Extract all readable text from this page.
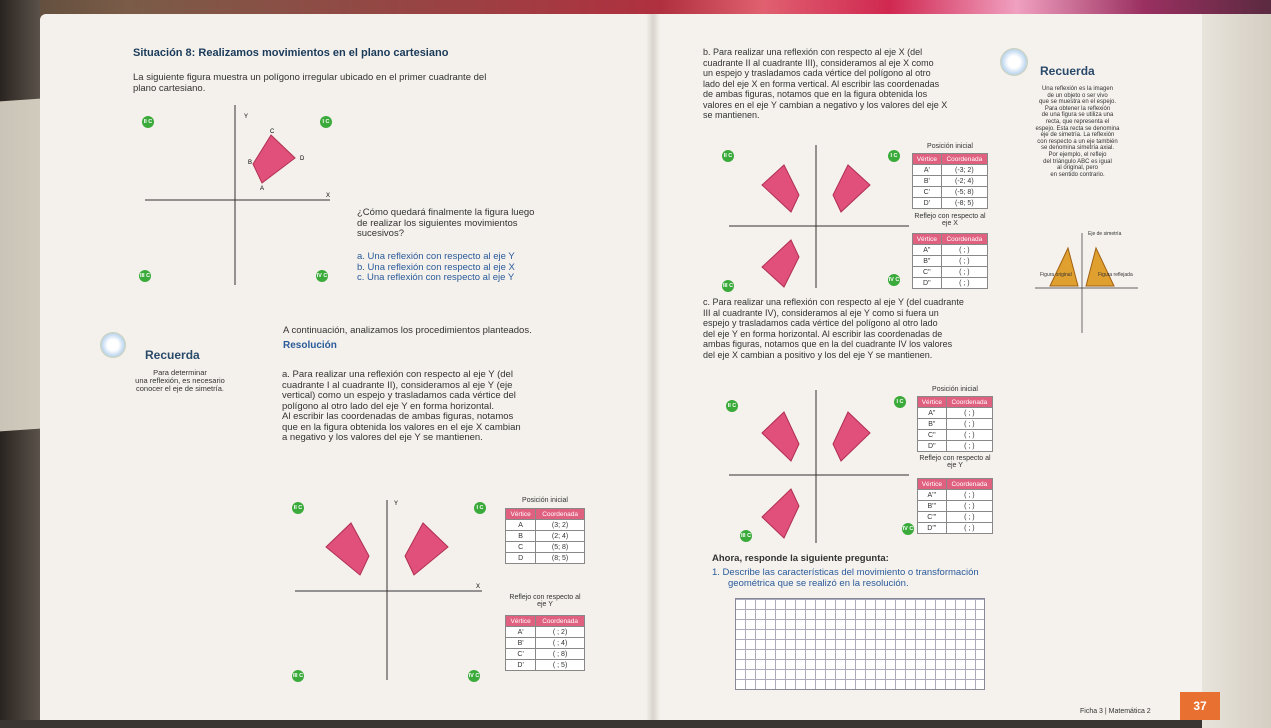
Situación 8: Realizamos movimientos en el plano cartesiano
La siguiente figura muestra un polígono irregular ubicado en el primer cuadrante del
plano cartesiano.
Y
X
C
D
B
A
II C	I C
III C	IV C
¿Cómo quedará finalmente la figura luego
de realizar los siguientes movimientos
sucesivos?
a. Una reflexión con respecto al eje Y
b. Una reflexión con respecto al eje X
c. Una reflexión con respecto al eje Y
A continuación, analizamos los procedimientos planteados.
Resolución
Recuerda
Para determinar
una reflexión, es necesario
conocer el eje de simetría.
a. Para realizar una reflexión con respecto al eje Y (del
cuadrante I al cuadrante II), consideramos al eje Y (eje
vertical) como un espejo y trasladamos cada vértice del
polígono al otro lado del eje Y en forma horizontal.
Al escribir las coordenadas de ambas figuras, notamos
que en la figura obtenida los valores en el eje X cambian
a negativo y los valores del eje Y se mantienen.
Y
X
II C	I C
III C	IV C
Posición inicial
Vértice	Coordenada
A	(3; 2)
B	(2; 4)
C	(5; 8)
D	(8; 5)
Reflejo con respecto al eje Y
Vértice	Coordenada
A'	( ; 2)
B'	( ; 4)
C'	( ; 8)
D'	( ; 5)
b. Para realizar una reflexión con respecto al eje X (del
cuadrante II al cuadrante III), consideramos al eje X como
un espejo y trasladamos cada vértice del polígono al otro
lado del eje X en forma vertical. Al escribir las coordenadas
de ambas figuras, notamos que en la figura obtenida los
valores en el eje Y cambian a negativo y los valores del eje X
se mantienen.
II C	I C
III C
IV C
Posición inicial
Vértice	Coordenada
A'	(-3; 2)
B'	(-2; 4)
C'	(-5; 8)
D'	(-8; 5)
Reflejo con respecto al eje X
Vértice	Coordenada
A"	( ; )
B"	( ; )
C"	( ; )
D"	( ; )
c. Para realizar una reflexión con respecto al eje Y (del cuadrante
III al cuadrante IV), consideramos al eje Y como si fuera un
espejo y trasladamos cada vértice del polígono al otro lado
del eje Y en forma horizontal. Al escribir las coordenadas de
ambas figuras, notamos que en la del cuadrante IV los valores
del eje X cambian a positivo y los del eje Y se mantienen.
II C
I C
III C
IV C
Posición inicial
Vértice	Coordenada
A"	( ; )
B"	( ; )
C"	( ; )
D"	( ; )
Reflejo con respecto al eje Y
Vértice	Coordenada
A'''	( ; )
B'''	( ; )
C'''	( ; )
D'''	( ; )
Ahora, responde la siguiente pregunta:
1. Describe las características del movimiento o transformación
geométrica que se realizó en la resolución.
Recuerda
Una reflexión es la imagen
de un objeto o ser vivo
que se muestra en el espejo.
Para obtener la reflexión
de una figura se utiliza una
recta, que representa el
espejo. Esta recta se denomina
eje de simetría. La reflexión
con respecto a un eje también
se denomina simetría axial.
Por ejemplo, el reflejo
del triángulo ABC es igual
al original, pero
en sentido contrario.
Eje de simetría
Figura original	Figura reflejada
Ficha 3 | Matemática 2	37
